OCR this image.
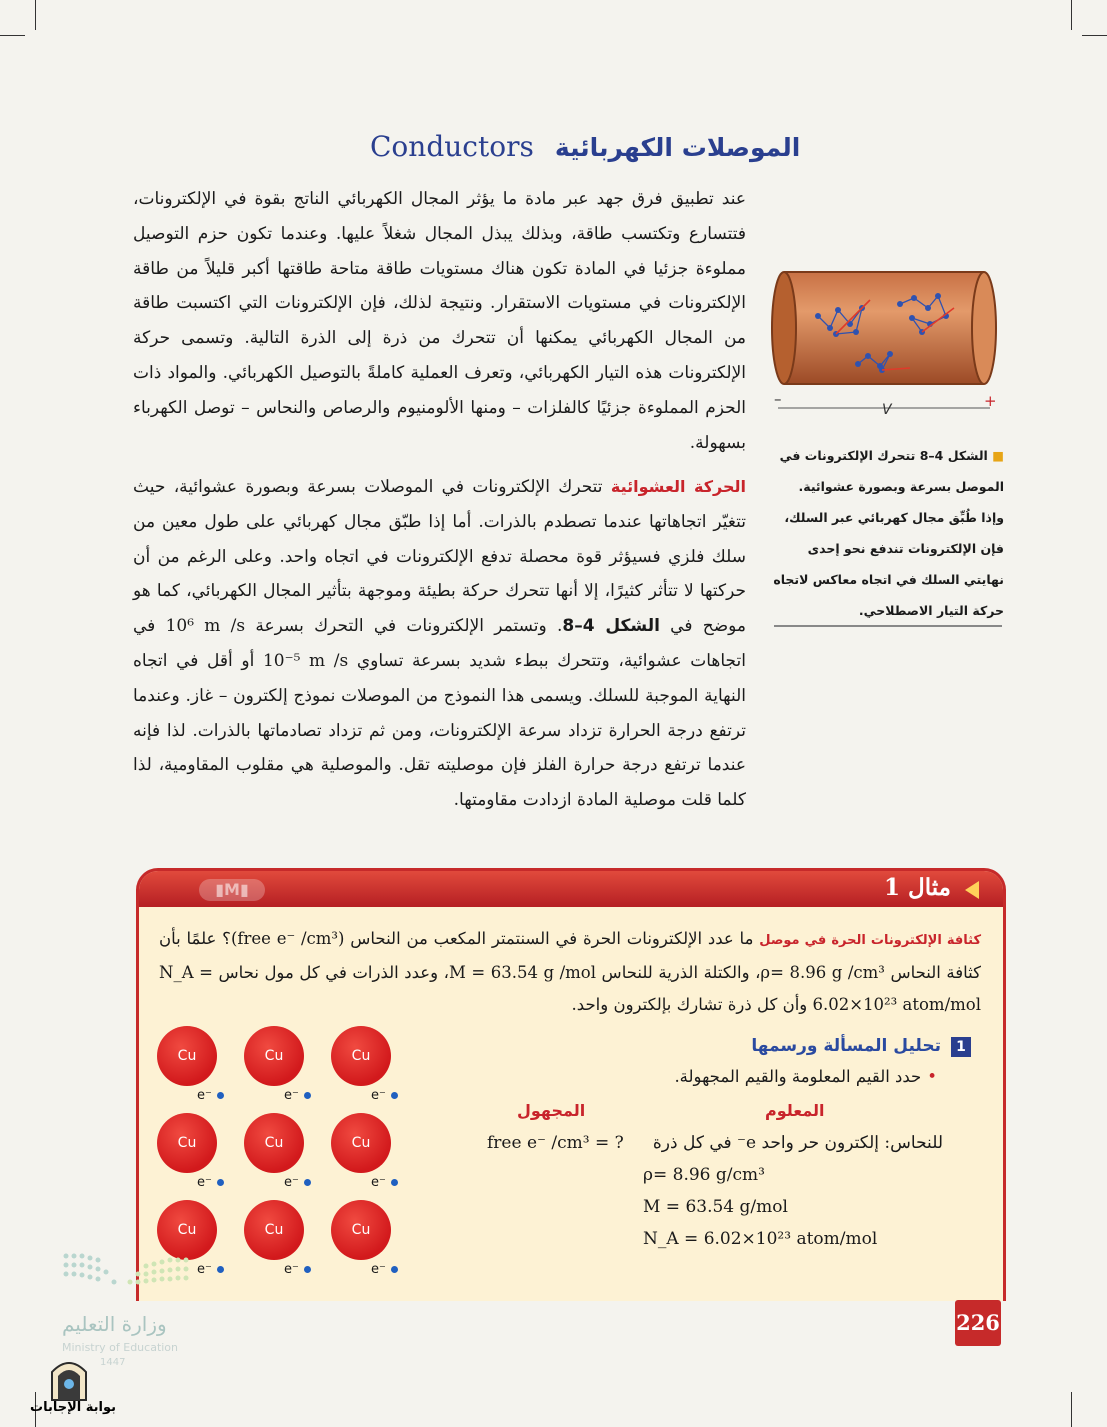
Conductors الموصلات الكهربائية
عند تطبيق فرق جهد عبر مادة ما يؤثر المجال الكهربائي الناتج بقوة في الإلكترونات، فتتسارع وتكتسب طاقة، وبذلك يبذل المجال شغلاً عليها. وعندما تكون حزم التوصيل مملوءة جزئيا في المادة تكون هناك مستويات طاقة متاحة طاقتها أكبر قليلاً من طاقة الإلكترونات في مستويات الاستقرار. ونتيجة لذلك، فإن الإلكترونات التي اكتسبت طاقة من المجال الكهربائي يمكنها أن تتحرك من ذرة إلى الذرة التالية. وتسمى حركة الإلكترونات هذه التيار الكهربائي، وتعرف العملية كاملةً بالتوصيل الكهربائي. والمواد ذات الحزم المملوءة جزئيًا كالفلزات – ومنها الألومنيوم والرصاص والنحاس – توصل الكهرباء بسهولة.
الحركة العشوائية تتحرك الإلكترونات في الموصلات بسرعة وبصورة عشوائية، حيث تتغيّر اتجاهاتها عندما تصطدم بالذرات. أما إذا طبّق مجال كهربائي على طول معين من سلك فلزي فسيؤثر قوة محصلة تدفع الإلكترونات في اتجاه واحد. وعلى الرغم من أن حركتها لا تتأثر كثيرًا، إلا أنها تتحرك حركة بطيئة وموجهة بتأثير المجال الكهربائي، كما هو موضح في الشكل 4–8. وتستمر الإلكترونات في التحرك بسرعة 10⁶ m /s في اتجاهات عشوائية، وتتحرك ببطء شديد بسرعة تساوي 10⁻⁵ m /s أو أقل في اتجاه النهاية الموجبة للسلك. ويسمى هذا النموذج من الموصلات نموذج إلكترون – غاز. وعندما ترتفع درجة الحرارة تزداد سرعة الإلكترونات، ومن ثم تزداد تصادماتها بالذرات. لذا فإنه عندما ترتفع درجة حرارة الفلز فإن موصليته تقل. والموصلية هي مقلوب المقاومية، لذا كلما قلت موصلية المادة ازدادت مقاومتها.
–
V	+
■ الشكل 4–8 تتحرك الإلكترونات في الموصل بسرعة وبصورة عشوائية. وإذا طُبِّق مجال كهربائي عبر السلك، فإن الإلكترونات تندفع نحو إحدى نهايتي السلك في اتجاه معاكس لاتجاه حركة التيار الاصطلاحي.
▮M▮	مثال 1
كثافة الإلكترونات الحرة في موصل ما عدد الإلكترونات الحرة في السنتمتر المكعب من النحاس (free e⁻ /cm³)؟ علمًا بأن كثافة النحاس ρ= 8.96 g /cm³، والكتلة الذرية للنحاس M = 63.54 g /mol، وعدد الذرات في كل مول نحاس N_A = 6.02×10²³ atom/mol وأن كل ذرة تشارك بإلكترون واحد.
1تحليل المسألة ورسمها
•حدد القيم المعلومة والقيم المجهولة.
المعلوم
المجهول
للنحاس: إلكترون حر واحد e⁻ في كل ذرة
ρ= 8.96 g/cm³
M = 63.54 g/mol
N_A = 6.02×10²³ atom/mol
free e⁻ /cm³ = ?
Cu	Cu	Cu
e⁻	e⁻	e⁻
Cu	Cu	Cu
e⁻	e⁻	e⁻
Cu	Cu	Cu
e⁻	e⁻	e⁻
226
وزارة التعليم
Ministry of Education
1447
بوابة الإجابات
